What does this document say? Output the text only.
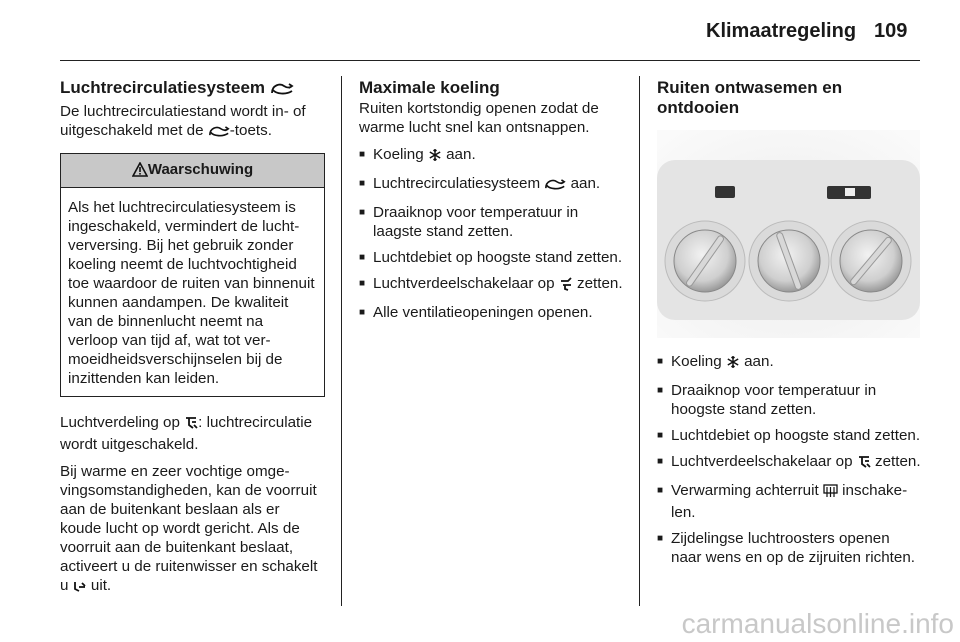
Klimaatregeling 109
Luchtrecirculatiesysteem

De luchtrecirculatiestand wordt in- of uitgeschakeld met de -toets.

Waarschuwing
Als het luchtrecirculatiesysteem is ingeschakeld, vermindert de luchtverversing. Bij het gebruik zonder koeling neemt de luchtvochtigheid toe waardoor de ruiten van binnenuit kunnen aandampen. De kwaliteit van de binnenlucht neemt na verloop van tijd af, wat tot vermoeidheidsverschijnselen bij de inzittenden kan leiden.

Luchtverdeling op : luchtrecirculatie wordt uitgeschakeld.

Bij warme en zeer vochtige omgevingsomstandigheden, kan de voorruit aan de buitenkant beslaan als er koude lucht op wordt gericht. Als de voorruit aan de buitenkant beslaat, activeert u de ruitenwisser en schakelt u  uit.

Maximale koeling

Ruiten kortstondig openen zodat de warme lucht snel kan ontsnappen.

■ Koeling  aan.
■ Luchtrecirculatiesysteem  aan.
■ Draaiknop voor temperatuur in laagste stand zetten.
■ Luchtdebiet op hoogste stand zetten.
■ Luchtverdeelschakelaar op  zetten.
■ Alle ventilatieopeningen openen.
Ruiten ontwasemen en ontdooien
■ Koeling  aan.
■ Draaiknop voor temperatuur in hoogste stand zetten.
■ Luchtdebiet op hoogste stand zetten.
■ Luchtverdeelschakelaar op  zetten.
■ Verwarming achterruit  inschakelen.
■ Zijdelingse luchtroosters openen naar wens en op de zijruiten richten.
carmanualsonline.info
